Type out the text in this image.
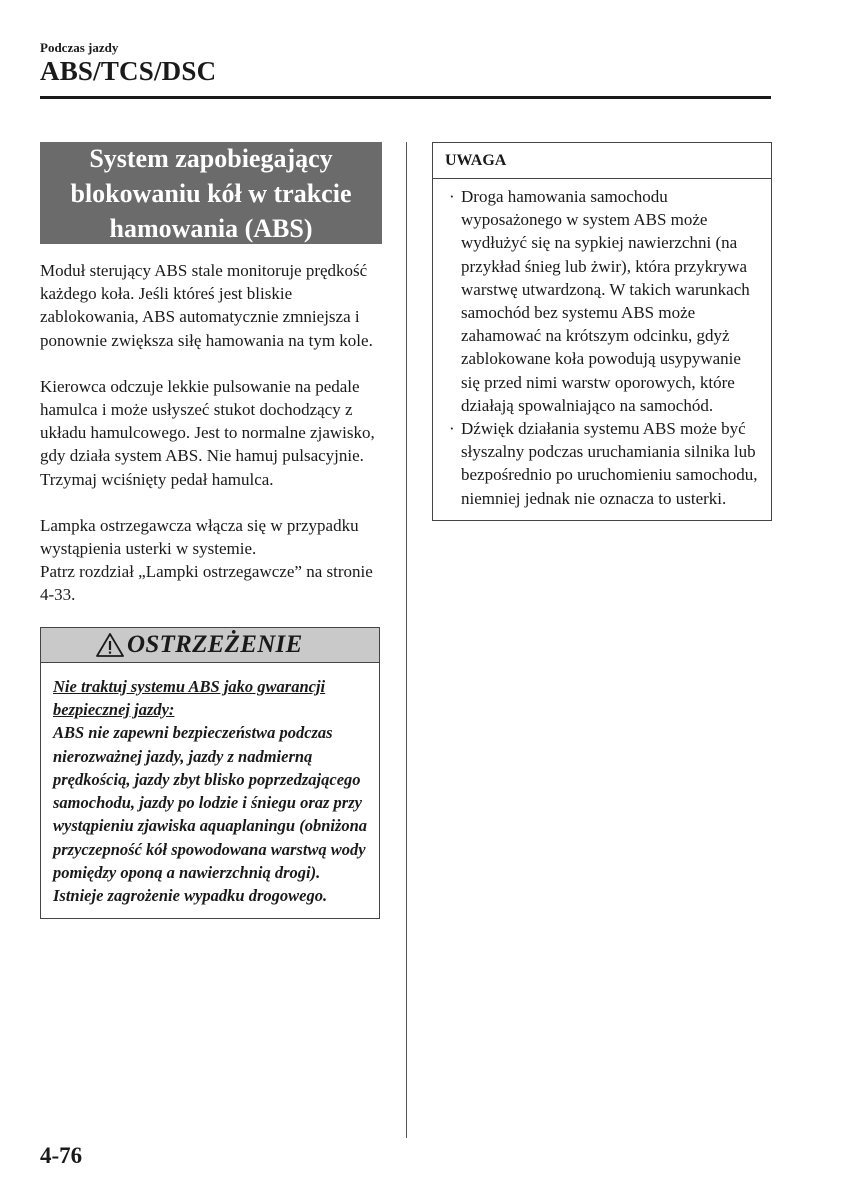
Podczas jazdy
ABS/TCS/DSC
System zapobiegający blokowaniu kół w trakcie hamowania (ABS)

Moduł sterujący ABS stale monitoruje prędkość każdego koła. Jeśli któreś jest bliskie zablokowania, ABS automatycznie zmniejsza i ponownie zwiększa siłę hamowania na tym kole.

Kierowca odczuje lekkie pulsowanie na pedale hamulca i może usłyszeć stukot dochodzący z układu hamulcowego. Jest to normalne zjawisko, gdy działa system ABS. Nie hamuj pulsacyjnie. Trzymaj wciśnięty pedał hamulca.

Lampka ostrzegawcza włącza się w przypadku wystąpienia usterki w systemie.

Patrz rozdział „Lampki ostrzegawcze” na stronie 4-33.

OSTRZEŻENIE
Nie traktuj systemu ABS jako gwarancji bezpiecznej jazdy:
ABS nie zapewni bezpieczeństwa podczas nierozważnej jazdy, jazdy z nadmierną prędkością, jazdy zbyt blisko poprzedzającego samochodu, jazdy po lodzie i śniegu oraz przy wystąpieniu zjawiska aquaplaningu (obniżona przyczepność kół spowodowana warstwą wody pomiędzy oponą a nawierzchnią drogi). Istnieje zagrożenie wypadku drogowego.
UWAGA
· Droga hamowania samochodu wyposażonego w system ABS może wydłużyć się na sypkiej nawierzchni (na przykład śnieg lub żwir), która przykrywa warstwę utwardzoną. W takich warunkach samochód bez systemu ABS może zahamować na krótszym odcinku, gdyż zablokowane koła powodują usypywanie się przed nimi warstw oporowych, które działają spowalniająco na samochód.
· Dźwięk działania systemu ABS może być słyszalny podczas uruchamiania silnika lub bezpośrednio po uruchomieniu samochodu, niemniej jednak nie oznacza to usterki.
4-76
